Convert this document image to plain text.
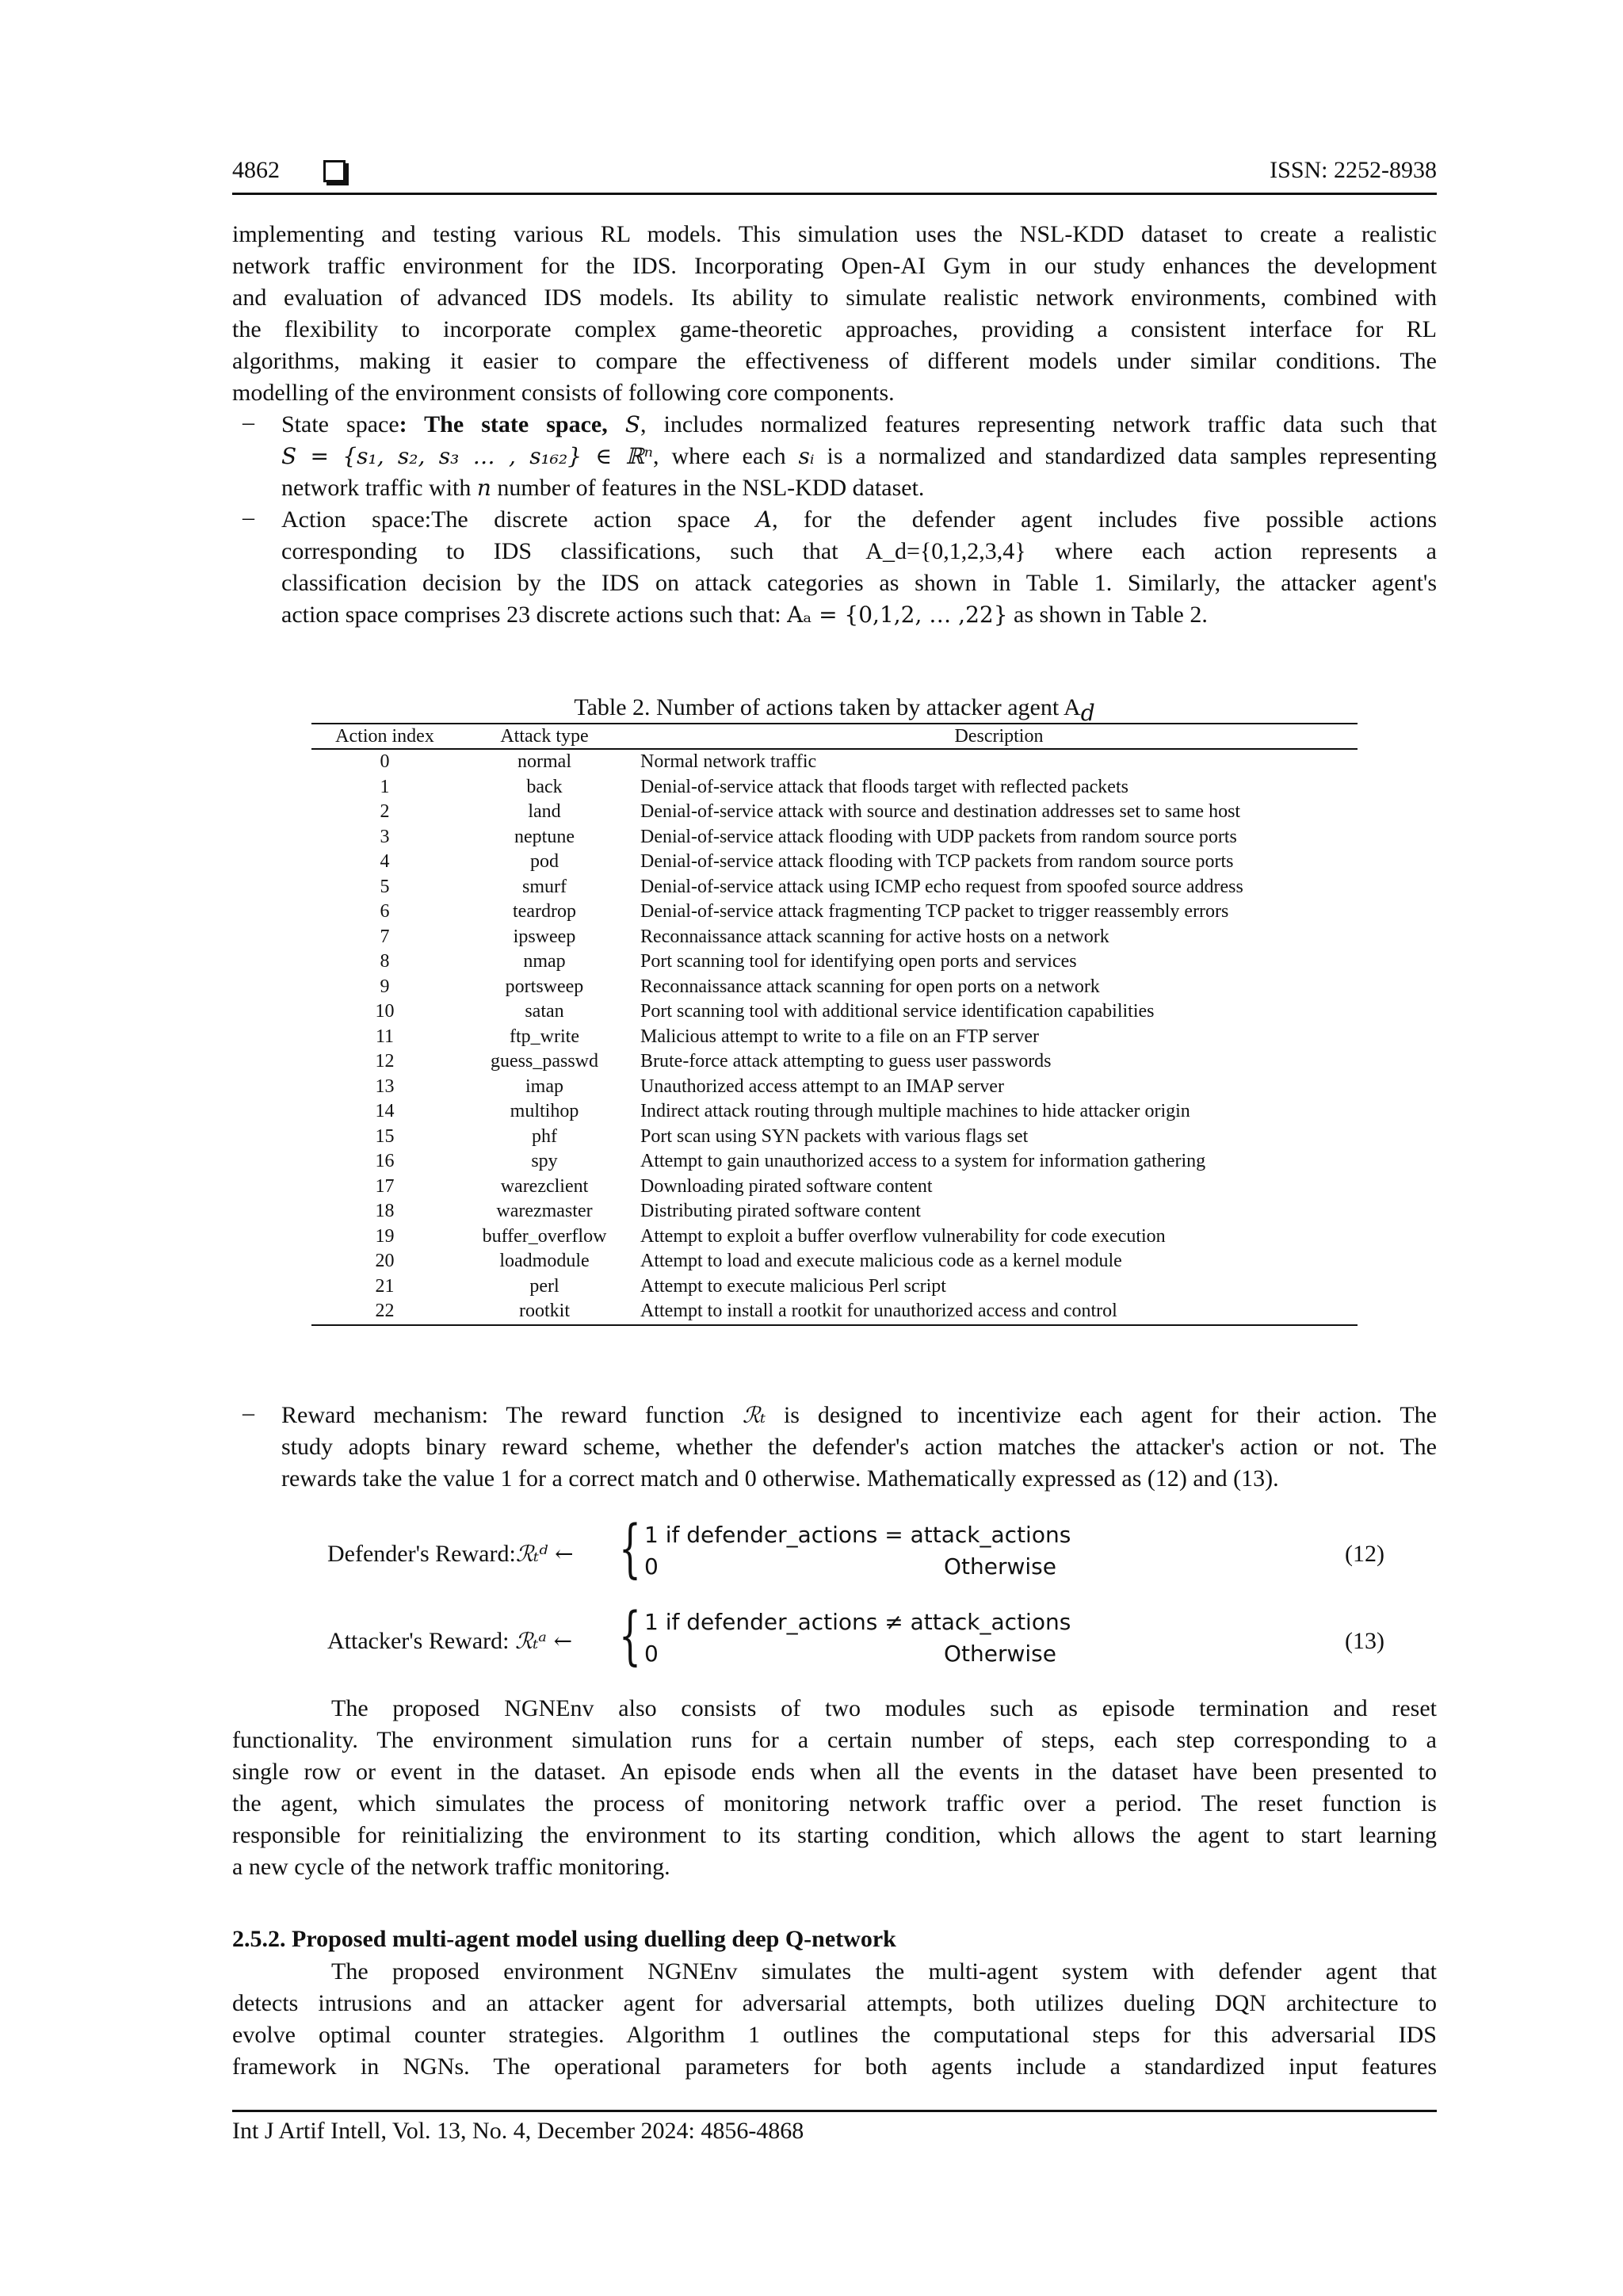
4862	ISSN: 2252-8938
implementing and testing various RL models. This simulation uses the NSL-KDD dataset to create a realistic
network traffic environment for the IDS. Incorporating Open-AI Gym in our study enhances the development
and evaluation of advanced IDS models. Its ability to simulate realistic network environments, combined with
the flexibility to incorporate complex game-theoretic approaches, providing a consistent interface for RL
algorithms, making it easier to compare the effectiveness of different models under similar conditions. The
modelling of the environment consists of following core components.
– State space: The state space, S, includes normalized features representing network traffic data such that
S = {s₁, s₂, s₃ … , s₁₆₂} ∈ ℝⁿ, where each sᵢ is a normalized and standardized data samples representing
network traffic with n number of features in the NSL-KDD dataset.
– Action space:The discrete action space A, for the defender agent includes five possible actions
corresponding to IDS classifications, such that A_d={0,1,2,3,4} where each action represents a
classification decision by the IDS on attack categories as shown in Table 1. Similarly, the attacker agent's
action space comprises 23 discrete actions such that: Aₐ = {0,1,2, … ,22} as shown in Table 2.
Table 2. Number of actions taken by attacker agent $A_d$
Action index	Attack type	Description
0	normal	Normal network traffic
1	back	Denial-of-service attack that floods target with reflected packets
2	land	Denial-of-service attack with source and destination addresses set to same host
3	neptune	Denial-of-service attack flooding with UDP packets from random source ports
4	pod	Denial-of-service attack flooding with TCP packets from random source ports
5	smurf	Denial-of-service attack using ICMP echo request from spoofed source address
6	teardrop	Denial-of-service attack fragmenting TCP packet to trigger reassembly errors
7	ipsweep	Reconnaissance attack scanning for active hosts on a network
8	nmap	Port scanning tool for identifying open ports and services
9	portsweep	Reconnaissance attack scanning for open ports on a network
10	satan	Port scanning tool with additional service identification capabilities
11	ftp_write	Malicious attempt to write to a file on an FTP server
12	guess_passwd	Brute-force attack attempting to guess user passwords
13	imap	Unauthorized access attempt to an IMAP server
14	multihop	Indirect attack routing through multiple machines to hide attacker origin
15	phf	Port scan using SYN packets with various flags set
16	spy	Attempt to gain unauthorized access to a system for information gathering
17	warezclient	Downloading pirated software content
18	warezmaster	Distributing pirated software content
19	buffer_overflow	Attempt to exploit a buffer overflow vulnerability for code execution
20	loadmodule	Attempt to load and execute malicious code as a kernel module
21	perl	Attempt to execute malicious Perl script
22	rootkit	Attempt to install a rootkit for unauthorized access and control
– Reward mechanism: The reward function ℛₜ is designed to incentivize each agent for their action. The
study adopts binary reward scheme, whether the defender's action matches the attacker's action or not. The
rewards take the value 1 for a correct match and 0 otherwise. Mathematically expressed as (12) and (13).
Defender's Reward:ℛₜᵈ ← { 1 if defender_actions = attack_actions
0	Otherwise	(12)
Attacker's Reward: ℛₜᵃ ← { 1 if defender_actions ≠ attack_actions
0	Otherwise	(13)
The proposed NGNEnv also consists of two modules such as episode termination and reset
functionality. The environment simulation runs for a certain number of steps, each step corresponding to a
single row or event in the dataset. An episode ends when all the events in the dataset have been presented to
the agent, which simulates the process of monitoring network traffic over a period. The reset function is
responsible for reinitializing the environment to its starting condition, which allows the agent to start learning
a new cycle of the network traffic monitoring.
2.5.2. Proposed multi-agent model using duelling deep Q-network
The proposed environment NGNEnv simulates the multi-agent system with defender agent that
detects intrusions and an attacker agent for adversarial attempts, both utilizes dueling DQN architecture to
evolve optimal counter strategies. Algorithm 1 outlines the computational steps for this adversarial IDS
framework in NGNs. The operational parameters for both agents include a standardized input features
Int J Artif Intell, Vol. 13, No. 4, December 2024: 4856-4868
